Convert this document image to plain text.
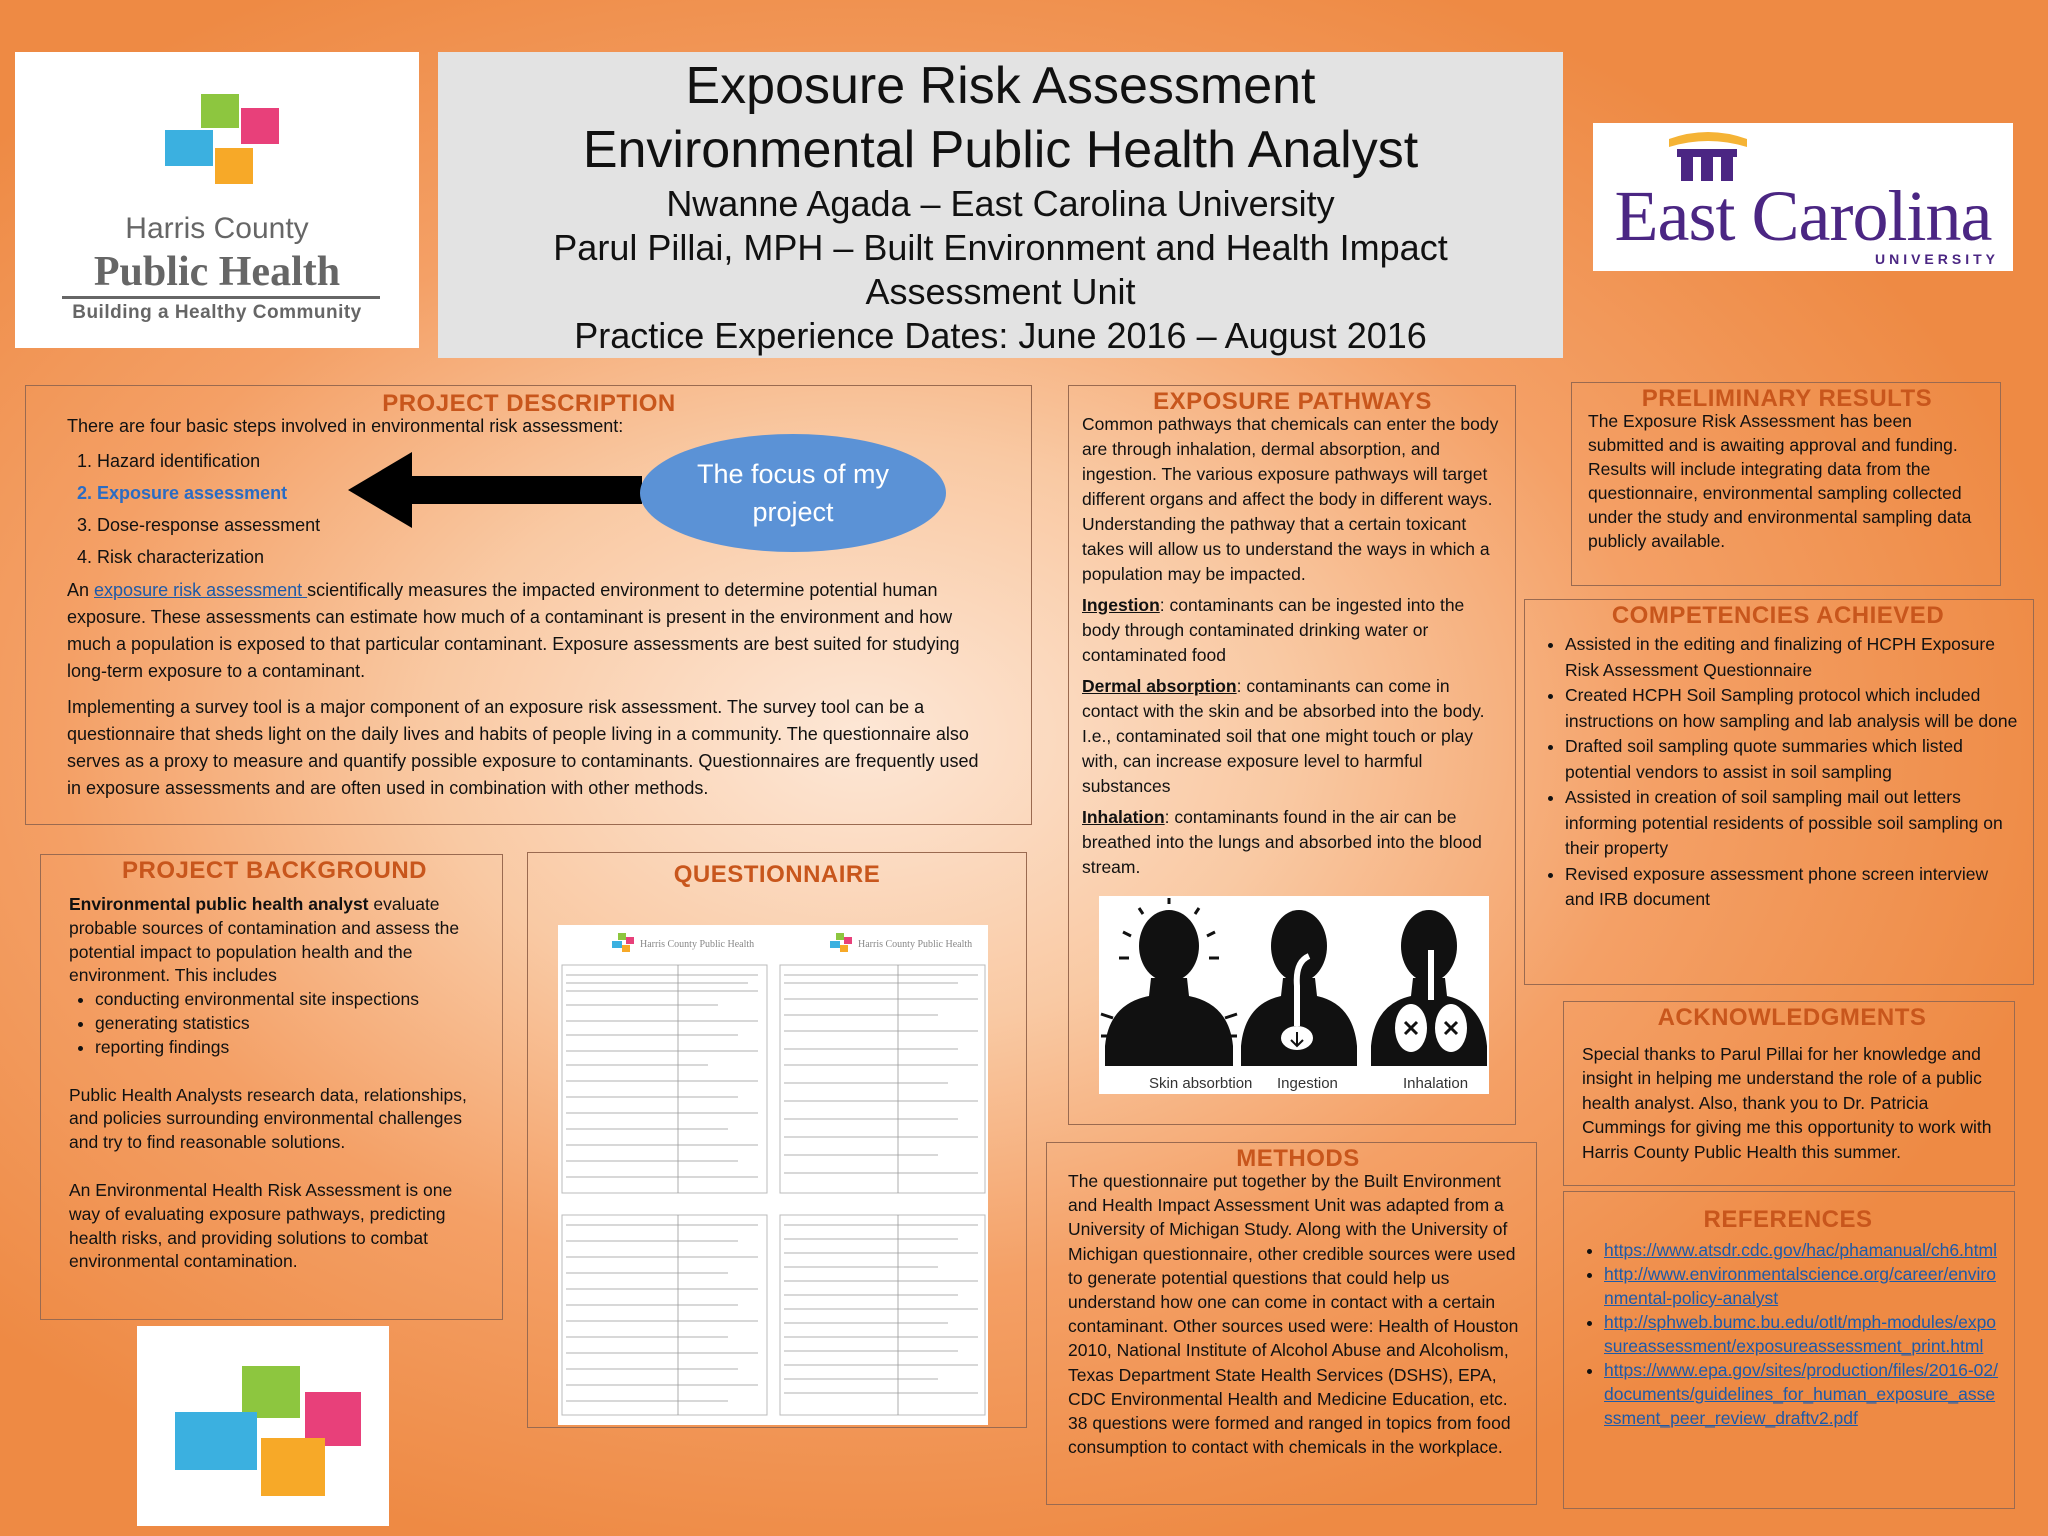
Harris County
Public Health
Building a Healthy Community
Exposure Risk Assessment
Environmental Public Health Analyst
Nwanne Agada – East Carolina University
Parul Pillai, MPH – Built Environment and Health Impact
Assessment Unit
Practice Experience Dates: June 2016 – August 2016
East Carolina
UNIVERSITY
PROJECT DESCRIPTION
There are four basic steps involved in environmental risk assessment:
1. Hazard identification
2. Exposure assessment
3. Dose-response assessment
4. Risk characterization
The focus of my project

An exposure risk assessment scientifically measures the impacted environment to determine potential human exposure. These assessments can estimate how much of a contaminant is present in the environment and how much a population is exposed to that particular contaminant. Exposure assessments are best suited for studying long-term exposure to a contaminant.

Implementing a survey tool is a major component of an exposure risk assessment. The survey tool can be a questionnaire that sheds light on the daily lives and habits of people living in a community. The questionnaire also serves as a proxy to measure and quantify possible exposure to contaminants. Questionnaires are frequently used in exposure assessments and are often used in combination with other methods.

PROJECT BACKGROUND

Environmental public health analyst evaluate probable sources of contamination and assess the potential impact to population health and the environment. This includes

• conducting environmental site inspections
• generating statistics
• reporting findings

Public Health Analysts research data, relationships, and policies surrounding environmental challenges and try to find reasonable solutions.

An Environmental Health Risk Assessment is one way of evaluating exposure pathways, predicting health risks, and providing solutions to combat environmental contamination.

QUESTIONNAIRE
Harris County Public Health	Harris County Public Health
EXPOSURE PATHWAYS

Common pathways that chemicals can enter the body are through inhalation, dermal absorption, and ingestion. The various exposure pathways will target different organs and affect the body in different ways. Understanding the pathway that a certain toxicant takes will allow us to understand the ways in which a population may be impacted.

Ingestion: contaminants can be ingested into the body through contaminated drinking water or contaminated food

Dermal absorption: contaminants can come in contact with the skin and be absorbed into the body. I.e., contaminated soil that one might touch or play with, can increase exposure level to harmful substances

Inhalation: contaminants found in the air can be breathed into the lungs and absorbed into the blood stream.

Skin absorbtion Ingestion	Inhalation
METHODS

The questionnaire put together by the Built Environment and Health Impact Assessment Unit was adapted from a University of Michigan Study. Along with the University of Michigan questionnaire, other credible sources were used to generate potential questions that could help us understand how one can come in contact with a certain contaminant. Other sources used were: Health of Houston 2010, National Institute of Alcohol Abuse and Alcoholism, Texas Department State Health Services (DSHS), EPA, CDC Environmental Health and Medicine Education, etc. 38 questions were formed and ranged in topics from food consumption to contact with chemicals in the workplace.

PRELIMINARY RESULTS

The Exposure Risk Assessment has been submitted and is awaiting approval and funding. Results will include integrating data from the questionnaire, environmental sampling collected under the study and environmental sampling data publicly available.

COMPETENCIES ACHIEVED
• Assisted in the editing and finalizing of HCPH Exposure Risk Assessment Questionnaire
• Created HCPH Soil Sampling protocol which included instructions on how sampling and lab analysis will be done
• Drafted soil sampling quote summaries which listed potential vendors to assist in soil sampling
• Assisted in creation of soil sampling mail out letters informing potential residents of possible soil sampling on their property
• Revised exposure assessment phone screen interview and IRB document
ACKNOWLEDGMENTS

Special thanks to Parul Pillai for her knowledge and insight in helping me understand the role of a public health analyst. Also, thank you to Dr. Patricia Cummings for giving me this opportunity to work with Harris County Public Health this summer.

REFERENCES
• https://www.atsdr.cdc.gov/hac/phamanual/ch6.html
• http://www.environmentalscience.org/career/environmental-policy-analyst
• http://sphweb.bumc.bu.edu/otlt/mph-modules/exposureassessment/exposureassessment_print.html
• https://www.epa.gov/sites/production/files/2016-02/documents/guidelines_for_human_exposure_assessment_peer_review_draftv2.pdf
